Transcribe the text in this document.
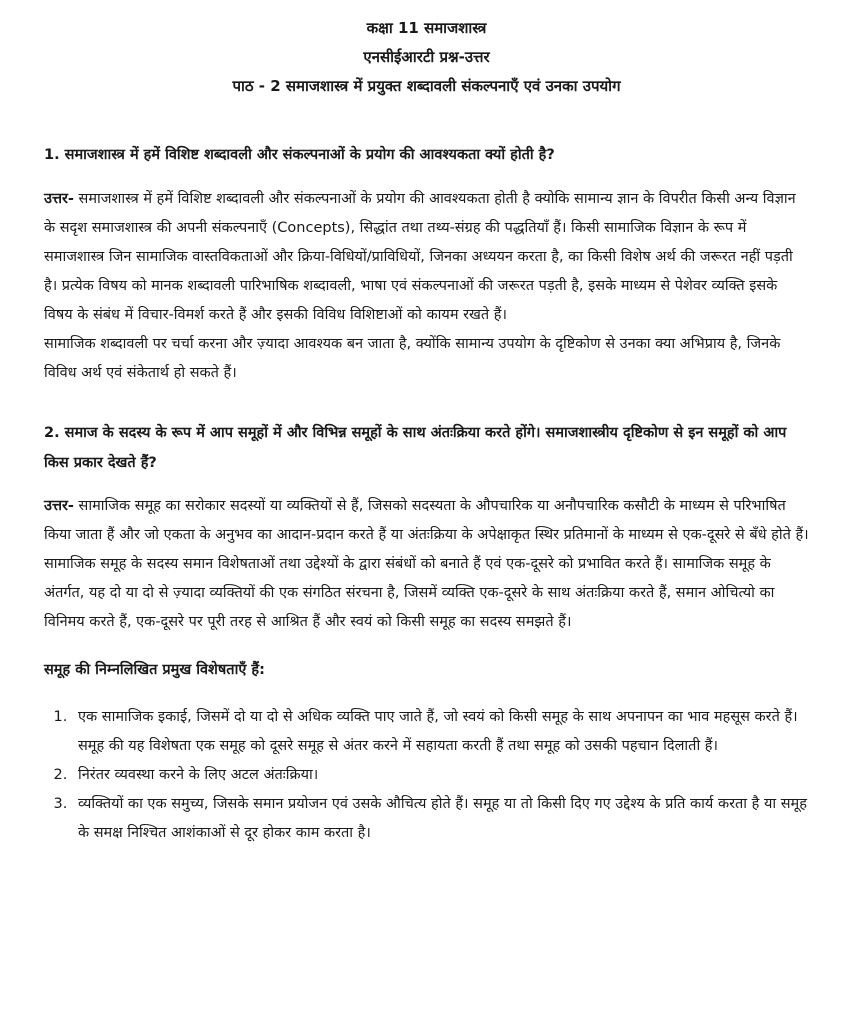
कक्षा 11 समाजशास्त्र
एनसीईआरटी प्रश्न-उत्तर
पाठ - 2 समाजशास्त्र में प्रयुक्त शब्दावली संकल्पनाएँ एवं उनका उपयोग

1. समाजशास्त्र में हमें विशिष्ट शब्दावली और संकल्पनाओं के प्रयोग की आवश्यकता क्यों होती है?

उत्तर- समाजशास्त्र में हमें विशिष्ट शब्दावली और संकल्पनाओं के प्रयोग की आवश्यकता होती है क्योकि सामान्य ज्ञान के विपरीत किसी अन्य विज्ञान के सदृश समाजशास्त्र की अपनी संकल्पनाएँ (Concepts), सिद्धांत तथा तथ्य-संग्रह की पद्धतियाँ हैं। किसी सामाजिक विज्ञान के रूप में समाजशास्त्र जिन सामाजिक वास्तविकताओं और क्रिया-विधियों/प्राविधियों, जिनका अध्ययन करता है, का किसी विशेष अर्थ की जरूरत नहीं पड़ती है। प्रत्येक विषय को मानक शब्दावली पारिभाषिक शब्दावली, भाषा एवं संकल्पनाओं की जरूरत पड़ती है, इसके माध्यम से पेशेवर व्यक्ति इसके विषय के संबंध में विचार-विमर्श करते हैं और इसकी विविध विशिष्टाओं को कायम रखते हैं।

सामाजिक शब्दावली पर चर्चा करना और ज़्यादा आवश्यक बन जाता है, क्योंकि सामान्य उपयोग के दृष्टिकोण से उनका क्या अभिप्राय है, जिनके विविध अर्थ एवं संकेतार्थ हो सकते हैं।

2. समाज के सदस्य के रूप में आप समूहों में और विभिन्न समूहों के साथ अंतःक्रिया करते होंगे। समाजशास्त्रीय दृष्टिकोण से इन समूहों को आप किस प्रकार देखते हैं?

उत्तर- सामाजिक समूह का सरोकार सदस्यों या व्यक्तियों से हैं, जिसको सदस्यता के औपचारिक या अनौपचारिक कसौटी के माध्यम से परिभाषित किया जाता हैं और जो एकता के अनुभव का आदान-प्रदान करते हैं या अंतःक्रिया के अपेक्षाकृत स्थिर प्रतिमानों के माध्यम से एक-दूसरे से बँधे होते हैं।

सामाजिक समूह के सदस्य समान विशेषताओं तथा उद्देश्यों के द्वारा संबंधों को बनाते हैं एवं एक-दूसरे को प्रभावित करते हैं। सामाजिक समूह के अंतर्गत, यह दो या दो से ज़्यादा व्यक्तियों की एक संगठित संरचना है, जिसमें व्यक्ति एक-दूसरे के साथ अंतःक्रिया करते हैं, समान ओचित्यो का विनिमय करते हैं, एक-दूसरे पर पूरी तरह से आश्रित हैं और स्वयं को किसी समूह का सदस्य समझते हैं।

समूह की निम्नलिखित प्रमुख विशेषताएँ हैं:

1. एक सामाजिक इकाई, जिसमें दो या दो से अधिक व्यक्ति पाए जाते हैं, जो स्वयं को किसी समूह के साथ अपनापन का भाव महसूस करते हैं। समूह की यह विशेषता एक समूह को दूसरे समूह से अंतर करने में सहायता करती हैं तथा समूह को उसकी पहचान दिलाती हैं।
2. निरंतर व्यवस्था करने के लिए अटल अंतःक्रिया।
3. व्यक्तियों का एक समुच्य, जिसके समान प्रयोजन एवं उसके औचित्य होते हैं। समूह या तो किसी दिए गए उद्देश्य के प्रति कार्य करता है या समूह के समक्ष निश्चित आशंकाओं से दूर होकर काम करता है।
